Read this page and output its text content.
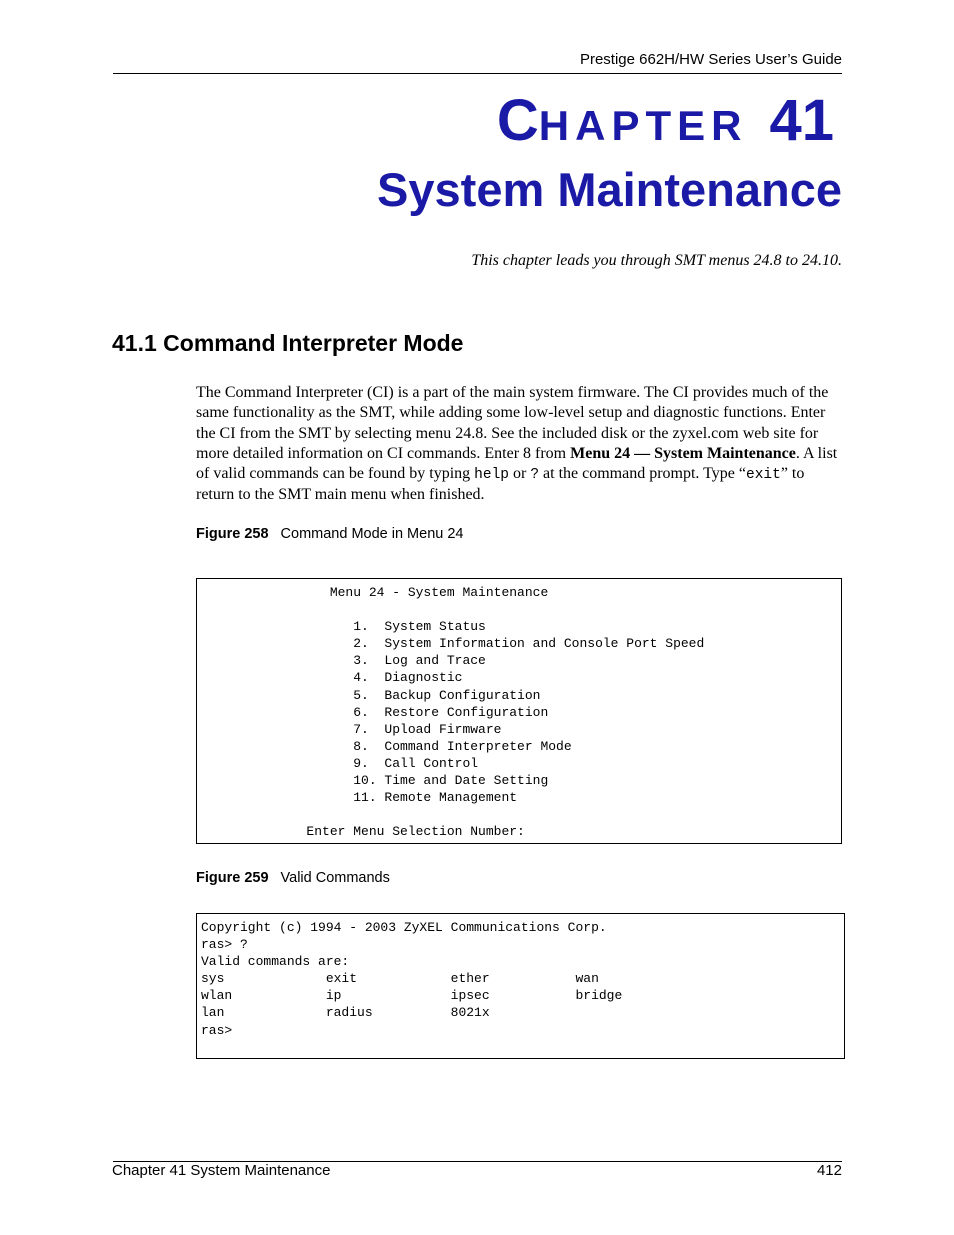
Prestige 662H/HW Series User’s Guide
CHAPTER 41
System Maintenance
This chapter leads you through SMT menus 24.8 to 24.10.
41.1 Command Interpreter Mode
The Command Interpreter (CI) is a part of the main system firmware. The CI provides much of the same functionality as the SMT, while adding some low-level setup and diagnostic functions. Enter the CI from the SMT by selecting menu 24.8. See the included disk or the zyxel.com web site for more detailed information on CI commands. Enter 8 from Menu 24 — System Maintenance. A list of valid commands can be found by typing help or ? at the command prompt. Type “exit” to return to the SMT main menu when finished.
Figure 258 Command Mode in Menu 24
Menu 24 - System Maintenance

1.  System Status
2.  System Information and Console Port Speed
3.  Log and Trace
4.  Diagnostic
5.  Backup Configuration
6.  Restore Configuration
7.  Upload Firmware
8.  Command Interpreter Mode
9.  Call Control
10. Time and Date Setting
11. Remote Management

Enter Menu Selection Number:
Figure 259 Valid Commands
Copyright (c) 1994 - 2003 ZyXEL Communications Corp.
ras> ?
Valid commands are:
sys             exit            ether           wan
wlan            ip              ipsec           bridge
lan             radius          8021x
ras>
Chapter 41 System Maintenance	412
